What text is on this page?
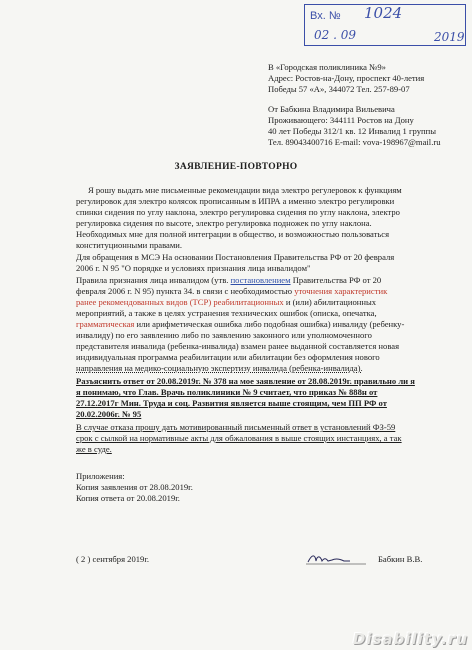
Вх. № 1024
02 . 09	2019
В «Городская поликлиника №9»
Адрес: Ростов-на-Дону, проспект 40-летия
Победы 57 «А», 344072 Тел. 257-89-07
От Бабкина Владимира Вильевича
Проживающего: 344111 Ростов на Дону
40 лет Победы 312/1 кв. 12 Инвалид 1 группы
Тел. 89043400716 E-mail: vova-198967@mail.ru
ЗАЯВЛЕНИЕ-ПОВТОРНО
Я рошу выдать мне письменные рекомендации вида электро регулеровок к функциям
регулировок для электро колясок прописанным в ИПРА а именно электро регулировки
спинки сидения по углу наклона, электро регулировка сидения по углу наклона, электро
регулировка сидения по высоте, электро регулировка подножек по углу наклона.
Необходимых мне для полной интеграции в общество, и возможностью пользоваться
конституционными правами.
Для обращения в МСЭ На основании Постановления Правительства РФ от 20 февраля
2006 г. N 95 "О порядке и условиях признания лица инвалидом"
Правила признания лица инвалидом (утв. постановлением Правительства РФ от 20
февраля 2006 г. N 95) пункта 34. в связи с необходимостью уточнения характеристик
ранее рекомендованных видов (ТСР) реабилитационных и (или) абилитационных
мероприятий, а также в целях устранения технических ошибок (описка, опечатка,
грамматическая или арифметическая ошибка либо подобная ошибка) инвалиду (ребенку-
инвалиду) по его заявлению либо по заявлению законного или уполномоченного
представителя инвалида (ребенка-инвалида) взамен ранее выданной составляется новая
индивидуальная программа реабилитации или абилитации без оформления нового
направления на медико-социальную экспертизу инвалида (ребенка-инвалида).
Разъяснить ответ от 20.08.2019г. № 378 на мое заявление от 28.08.2019г. правильно ли я
я понимаю, что Глав. Врачь поликлиники № 9 считает, что приказ № 888н от
27.12.2017г Мин. Труда и соц. Развития является выше стоящим, чем ПП РФ от
20.02.2006г. № 95
В случае отказа прошу дать мотивированный письменный ответ в установлений ФЗ-59
срок с сылкой на нормативные акты для обжалования в выше стоящих инстанциях, а так
же в суде.
Приложения:
Копия заявления от 28.08.2019г.
Копия ответа от 20.08.2019г.
( 2 ) сентября 2019г.	Бабкин В.В.
Disability.ru
